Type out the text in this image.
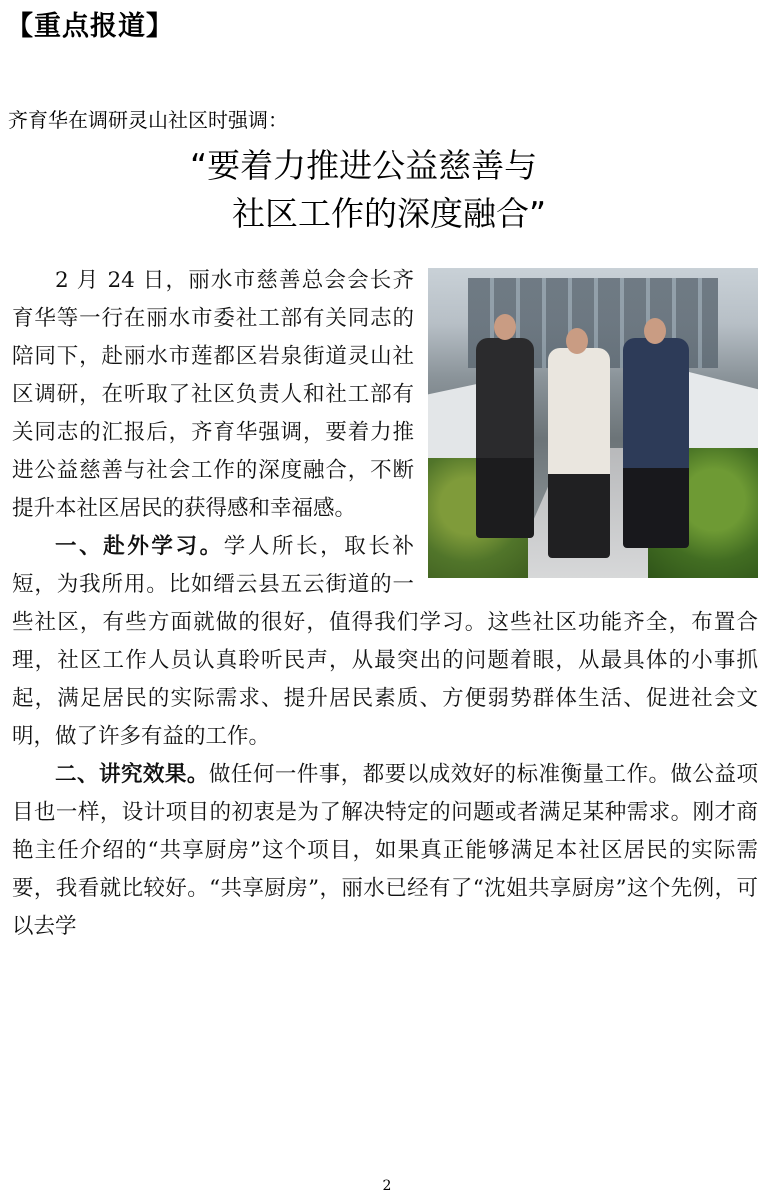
【重点报道】
齐育华在调研灵山社区时强调：
“要着力推进公益慈善与
社区工作的深度融合”

2 月 24 日，丽水市慈善总会会长齐育华等一行在丽水市委社工部有关同志的陪同下，赴丽水市莲都区岩泉街道灵山社区调研，在听取了社区负责人和社工部有关同志的汇报后，齐育华强调，要着力推进公益慈善与社会工作的深度融合，不断提升本社区居民的获得感和幸福感。

一、赴外学习。学人所长，取长补短，为我所用。比如缙云县五云街道的一些社区，有些方面就做的很好，值得我们学习。这些社区功能齐全，布置合理，社区工作人员认真聆听民声，从最突出的问题着眼，从最具体的小事抓起，满足居民的实际需求、提升居民素质、方便弱势群体生活、促进社会文明，做了许多有益的工作。

二、讲究效果。做任何一件事，都要以成效好的标准衡量工作。做公益项目也一样，设计项目的初衷是为了解决特定的问题或者满足某种需求。刚才商艳主任介绍的“共享厨房”这个项目，如果真正能够满足本社区居民的实际需要，我看就比较好。“共享厨房”，丽水已经有了“沈姐共享厨房”这个先例，可以去学

2
